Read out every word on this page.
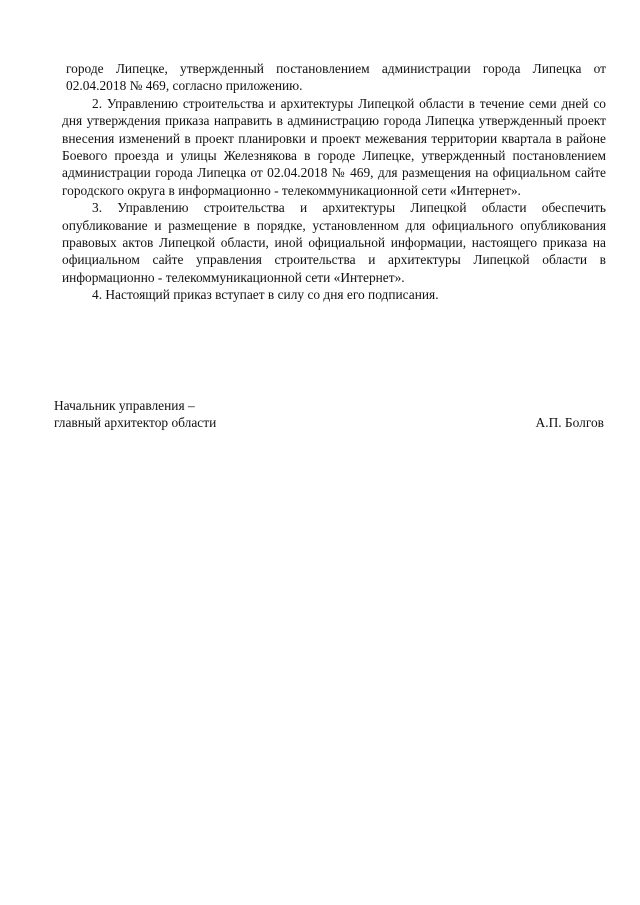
городе Липецке, утвержденный постановлением администрации города Липецка от 02.04.2018 № 469, согласно приложению.

2. Управлению строительства и архитектуры Липецкой области в течение семи дней со дня утверждения приказа направить в администрацию города Липецка утвержденный проект внесения изменений в проект планировки и проект межевания территории квартала в районе Боевого проезда и улицы Железнякова в городе Липецке, утвержденный постановлением администрации города Липецка от 02.04.2018 № 469, для размещения на официальном сайте городского округа в информационно - телекоммуникационной сети «Интернет».

3. Управлению строительства и архитектуры Липецкой области обеспечить опубликование и размещение в порядке, установленном для официального опубликования правовых актов Липецкой области, иной официальной информации, настоящего приказа на официальном сайте управления строительства и архитектуры Липецкой области в информационно - телекоммуникационной сети «Интернет».

4. Настоящий приказ вступает в силу со дня его подписания.

Начальник управления –
главный архитектор области	А.П. Болгов
